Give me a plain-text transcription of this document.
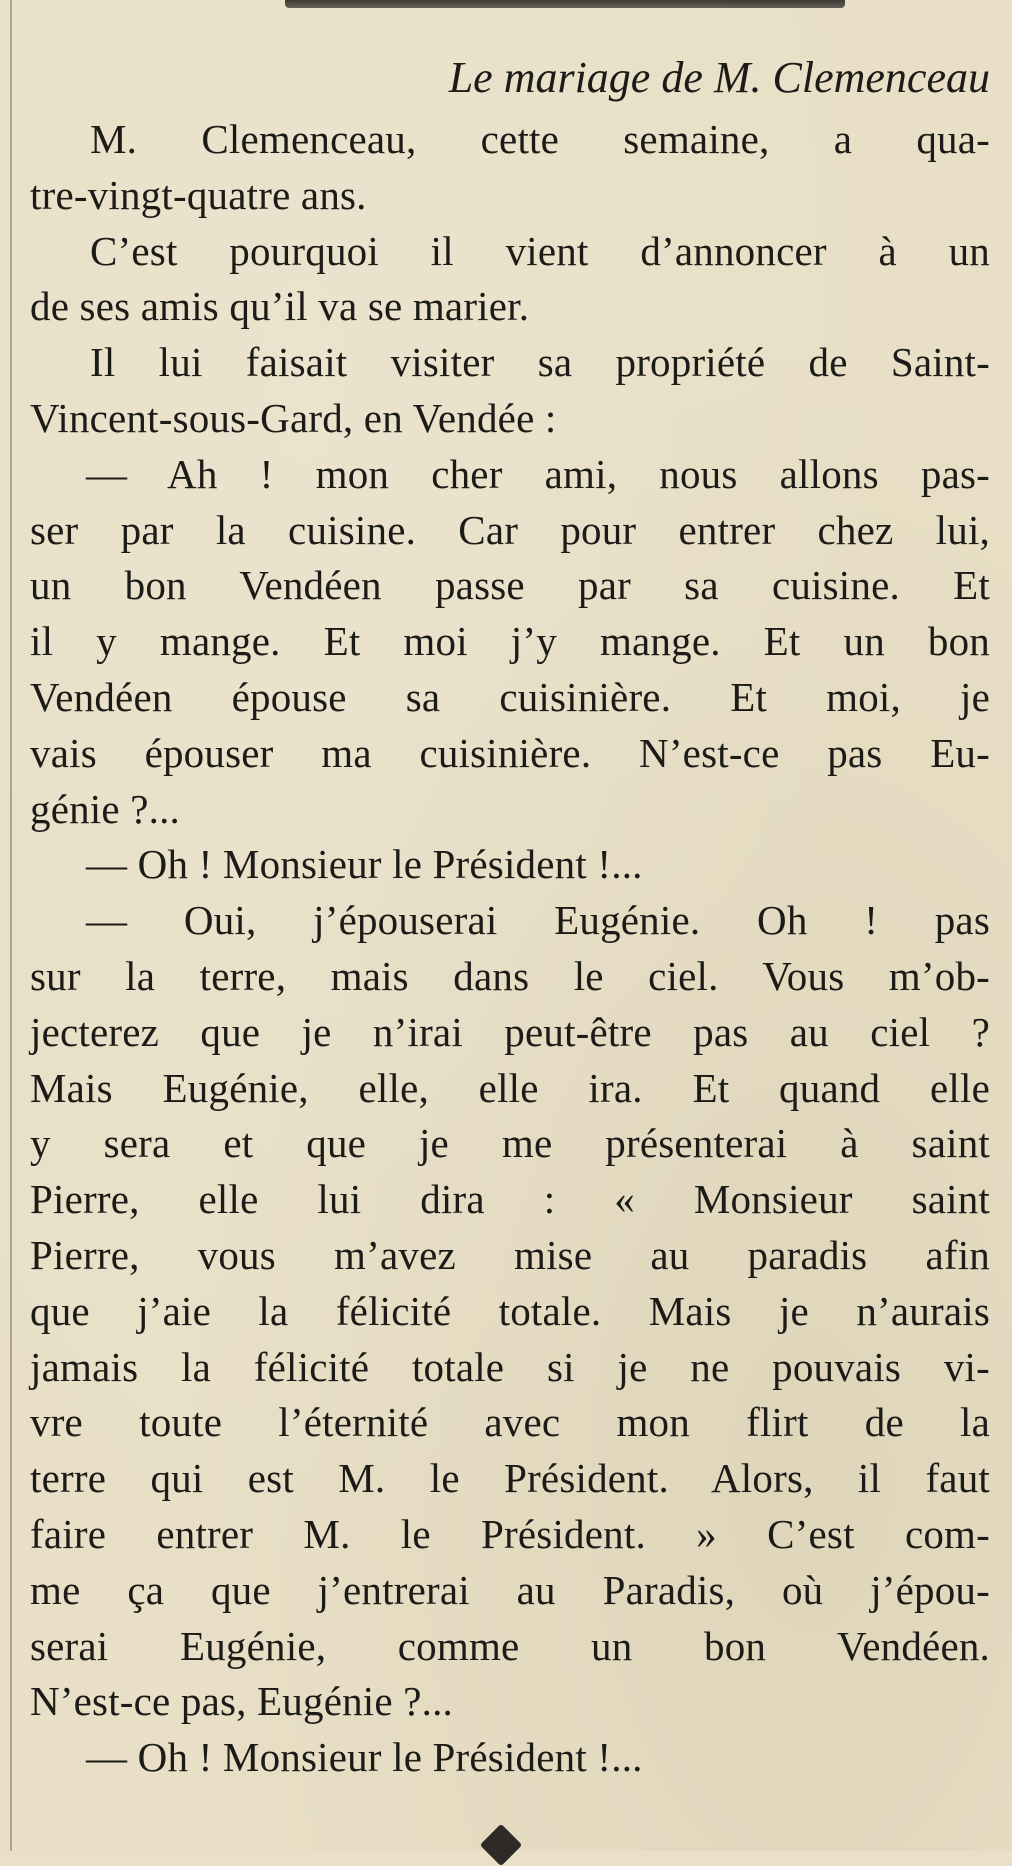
Le mariage de M. Clemenceau
M. Clemenceau, cette semaine, a qua-
tre-vingt-quatre ans.
C’est pourquoi il vient d’annoncer à un
de ses amis qu’il va se marier.
Il lui faisait visiter sa propriété de Saint-
Vincent-sous-Gard, en Vendée :
— Ah ! mon cher ami, nous allons pas-
ser par la cuisine. Car pour entrer chez lui,
un bon Vendéen passe par sa cuisine. Et
il y mange. Et moi j’y mange. Et un bon
Vendéen épouse sa cuisinière. Et moi, je
vais épouser ma cuisinière. N’est-ce pas Eu-
génie ?...
— Oh ! Monsieur le Président !...
— Oui, j’épouserai Eugénie. Oh ! pas
sur la terre, mais dans le ciel. Vous m’ob-
jecterez que je n’irai peut-être pas au ciel ?
Mais Eugénie, elle, elle ira. Et quand elle
y sera et que je me présenterai à saint
Pierre, elle lui dira : « Monsieur saint
Pierre, vous m’avez mise au paradis afin
que j’aie la félicité totale. Mais je n’aurais
jamais la félicité totale si je ne pouvais vi-
vre toute l’éternité avec mon flirt de la
terre qui est M. le Président. Alors, il faut
faire entrer M. le Président. » C’est com-
me ça que j’entrerai au Paradis, où j’épou-
serai Eugénie, comme un bon Vendéen.
N’est-ce pas, Eugénie ?...
— Oh ! Monsieur le Président !...
